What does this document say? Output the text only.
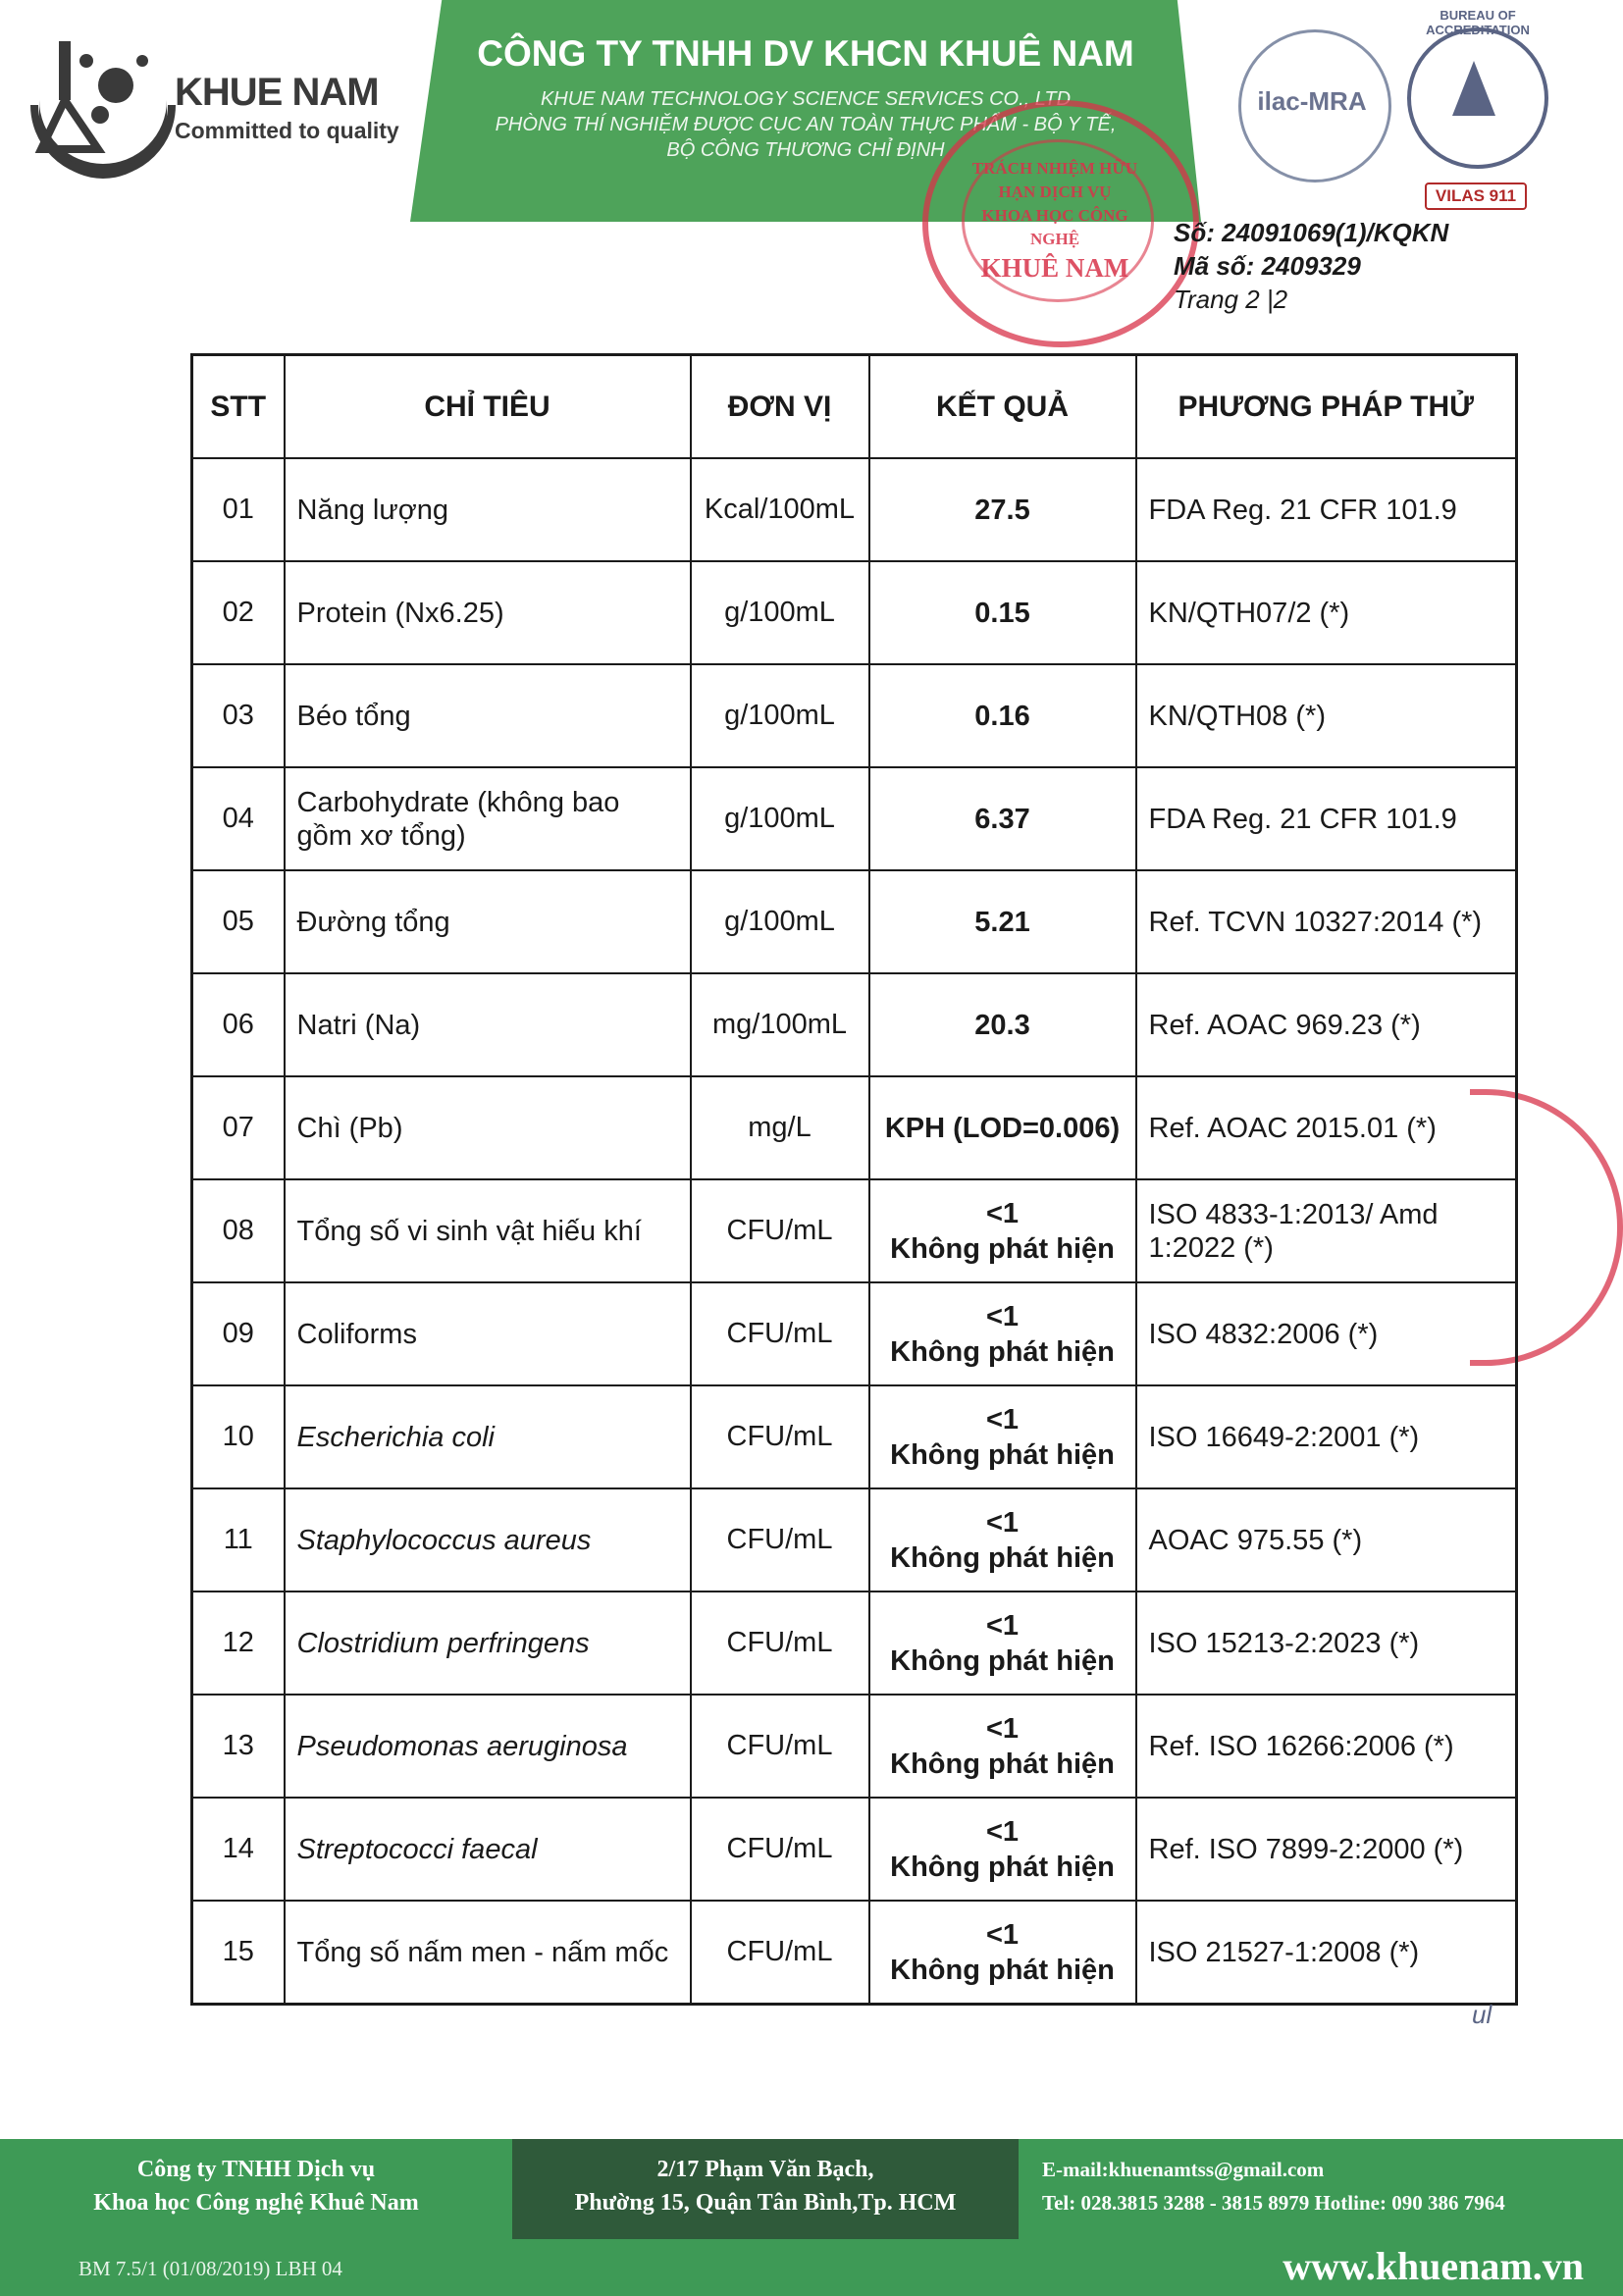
KHUE NAM
Committed to quality
CÔNG TY TNHH DV KHCN KHUÊ NAM
KHUE NAM TECHNOLOGY SCIENCE SERVICES CO., LTD
PHÒNG THÍ NGHIỆM ĐƯỢC CỤC AN TOÀN THỰC PHẨM - BỘ Y TẾ,
BỘ CÔNG THƯƠNG CHỈ ĐỊNH
ilac-MRA
BUREAU OF ACCREDITATION
VILAS 911
TRÁCH NHIỆM HỮU HẠN DỊCH VỤ KHOA HỌC CÔNG NGHỆ
KHUÊ NAM
Số: 24091069(1)/KQKN
Mã số: 2409329
Trang 2 |2
STT	CHỈ TIÊU	ĐƠN VỊ	KẾT QUẢ	PHƯƠNG PHÁP THỬ
01	Năng lượng	Kcal/100mL	27.5	FDA Reg. 21 CFR 101.9
02	Protein (Nx6.25)	g/100mL	0.15	KN/QTH07/2 (*)
03	Béo tổng	g/100mL	0.16	KN/QTH08 (*)
04	Carbohydrate (không bao gồm xơ tổng)	g/100mL	6.37	FDA Reg. 21 CFR 101.9
05	Đường tổng	g/100mL	5.21	Ref. TCVN 10327:2014 (*)
06	Natri (Na)	mg/100mL	20.3	Ref. AOAC 969.23 (*)
07	Chì (Pb)	mg/L	KPH (LOD=0.006)	Ref. AOAC 2015.01 (*)
08	Tổng số vi sinh vật hiếu khí	CFU/mL	<1
Không phát hiện	ISO 4833-1:2013/ Amd 1:2022 (*)
09	Coliforms	CFU/mL	<1
Không phát hiện	ISO 4832:2006 (*)
10	Escherichia coli	CFU/mL	<1
Không phát hiện	ISO 16649-2:2001 (*)
11	Staphylococcus aureus	CFU/mL	<1
Không phát hiện	AOAC 975.55 (*)
12	Clostridium perfringens	CFU/mL	<1
Không phát hiện	ISO 15213-2:2023 (*)
13	Pseudomonas aeruginosa	CFU/mL	<1
Không phát hiện	Ref. ISO 16266:2006 (*)
14	Streptococci faecal	CFU/mL	<1
Không phát hiện	Ref. ISO 7899-2:2000 (*)
15	Tổng số nấm men - nấm mốc	CFU/mL	<1
Không phát hiện	ISO 21527-1:2008 (*)
ul
Công ty TNHH Dịch vụ
Khoa học Công nghệ Khuê Nam
2/17 Phạm Văn Bạch,
Phường 15, Quận Tân Bình,Tp. HCM
E-mail:khuenamtss@gmail.com
Tel: 028.3815 3288 - 3815 8979 Hotline: 090 386 7964
BM 7.5/1 (01/08/2019) LBH 04	www.khuenam.vn
